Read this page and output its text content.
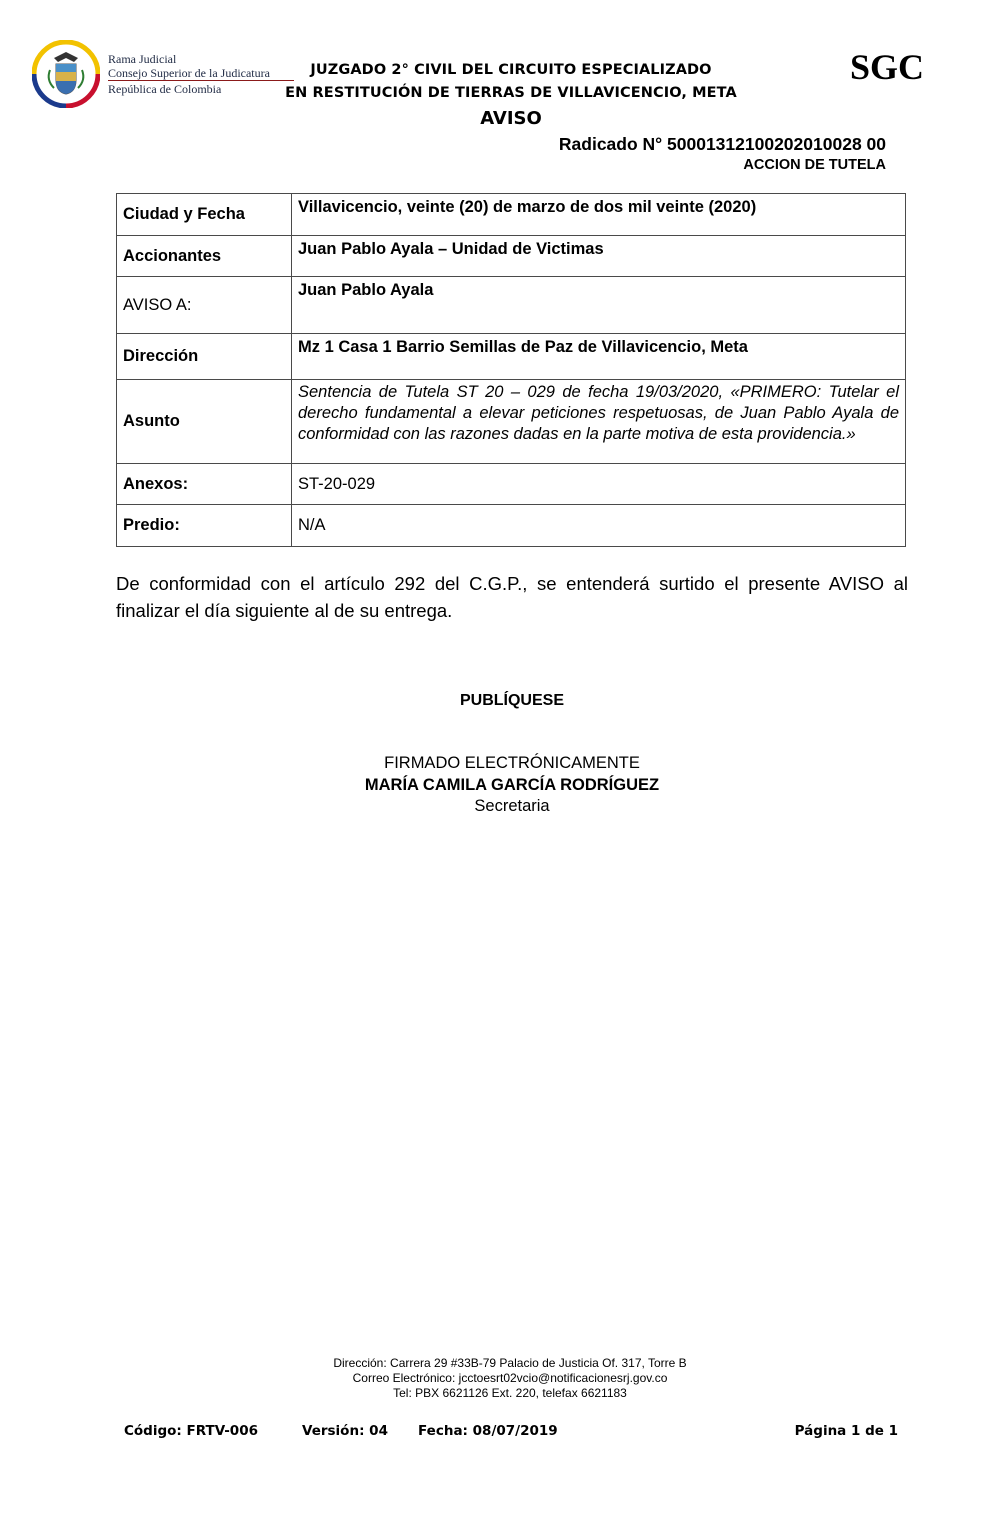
Rama Judicial
Consejo Superior de la Judicatura
República de Colombia
JUZGADO 2° CIVIL DEL CIRCUITO ESPECIALIZADO
EN RESTITUCIÓN DE TIERRAS DE VILLAVICENCIO, META
SGC
AVISO
Radicado N° 50001312100202010028 00
ACCION DE TUTELA
Ciudad y Fecha	Villavicencio, veinte (20) de marzo de dos mil veinte (2020)
Accionantes	Juan Pablo Ayala – Unidad de Victimas
AVISO A:	Juan Pablo Ayala
Dirección	Mz 1 Casa 1 Barrio Semillas de Paz de Villavicencio, Meta
Asunto	Sentencia de Tutela ST 20 – 029 de fecha 19/03/2020, «PRIMERO: Tutelar el derecho fundamental a elevar peticiones respetuosas, de Juan Pablo Ayala de conformidad con las razones dadas en la parte motiva de esta providencia.»
Anexos:	ST-20-029
Predio:	N/A
De conformidad con el artículo 292 del C.G.P., se entenderá surtido el presente AVISO al finalizar el día siguiente al de su entrega.
PUBLÍQUESE
FIRMADO ELECTRÓNICAMENTE
MARÍA CAMILA GARCÍA RODRÍGUEZ
Secretaria
Dirección: Carrera 29 #33B-79 Palacio de Justicia Of. 317, Torre B
Correo Electrónico: jcctoesrt02vcio@notificacionesrj.gov.co
Tel: PBX 6621126 Ext. 220, telefax 6621183
Código: FRTV-006	Versión: 04 Fecha: 08/07/2019	Página 1 de 1
